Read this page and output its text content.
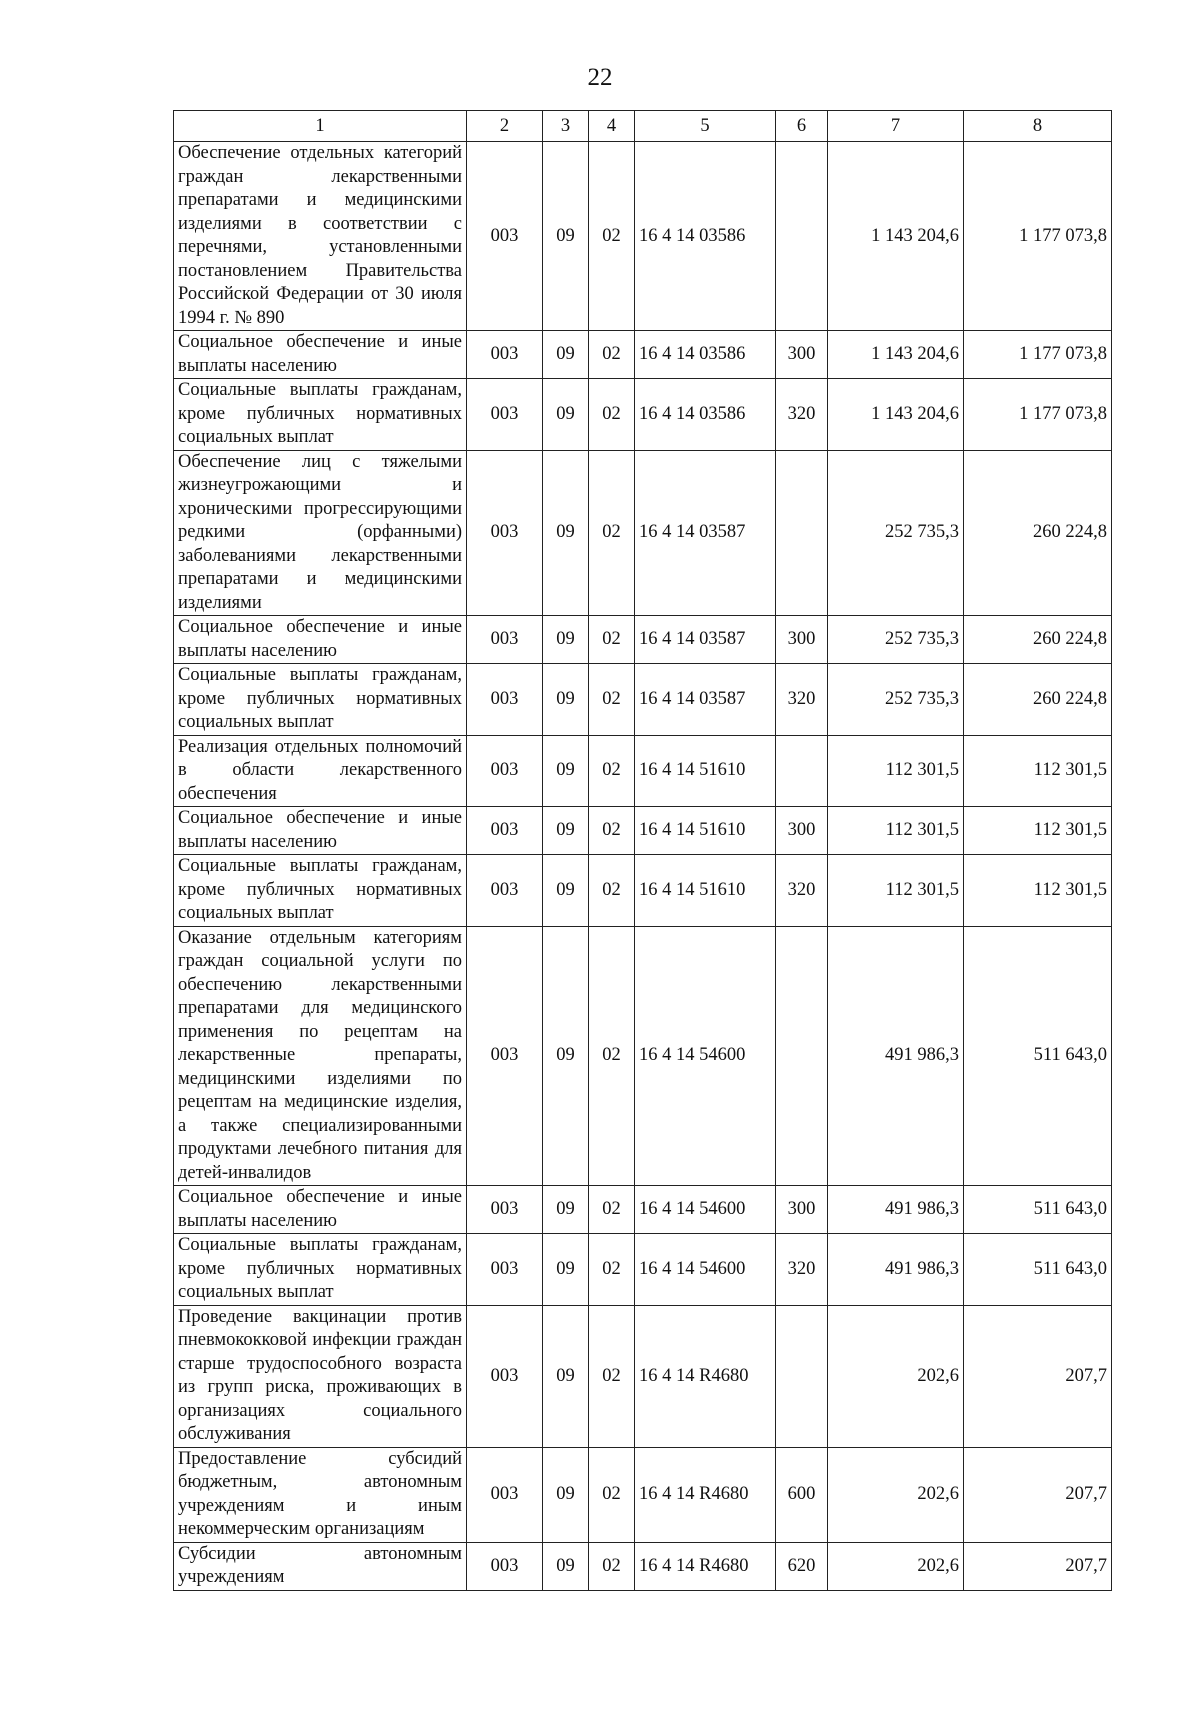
22
1	2	3	4	5	6	7	8
Обеспечение отдельных категорий граждан лекарственными препаратами и медицинскими изделиями в соответствии с перечнями, установленными постановлением Правительства Российской Федерации от 30 июля 1994 г. № 890	003	09	02	16 4 14 03586		1 143 204,6	1 177 073,8
Социальное обеспечение и иные выплаты населению	003	09	02	16 4 14 03586	300	1 143 204,6	1 177 073,8
Социальные выплаты гражданам, кроме публичных нормативных социальных выплат	003	09	02	16 4 14 03586	320	1 143 204,6	1 177 073,8
Обеспечение лиц с тяжелыми жизнеугрожающими и хроническими прогрессирующими редкими (орфанными) заболеваниями лекарственными препаратами и медицинскими изделиями	003	09	02	16 4 14 03587		252 735,3	260 224,8
Социальное обеспечение и иные выплаты населению	003	09	02	16 4 14 03587	300	252 735,3	260 224,8
Социальные выплаты гражданам, кроме публичных нормативных социальных выплат	003	09	02	16 4 14 03587	320	252 735,3	260 224,8
Реализация отдельных полномочий в области лекарственного обеспечения	003	09	02	16 4 14 51610		112 301,5	112 301,5
Социальное обеспечение и иные выплаты населению	003	09	02	16 4 14 51610	300	112 301,5	112 301,5
Социальные выплаты гражданам, кроме публичных нормативных социальных выплат	003	09	02	16 4 14 51610	320	112 301,5	112 301,5
Оказание отдельным категориям граждан социальной услуги по обеспечению лекарственными препаратами для медицинского применения по рецептам на лекарственные препараты, медицинскими изделиями по рецептам на медицинские изделия, а также специализированными продуктами лечебного питания для детей-инвалидов	003	09	02	16 4 14 54600		491 986,3	511 643,0
Социальное обеспечение и иные выплаты населению	003	09	02	16 4 14 54600	300	491 986,3	511 643,0
Социальные выплаты гражданам, кроме публичных нормативных социальных выплат	003	09	02	16 4 14 54600	320	491 986,3	511 643,0
Проведение вакцинации против пневмококковой инфекции граждан старше трудоспособного возраста из групп риска, проживающих в организациях социального обслуживания	003	09	02	16 4 14 R4680		202,6	207,7
Предоставление субсидий бюджетным, автономным учреждениям и иным некоммерческим организациям	003	09	02	16 4 14 R4680	600	202,6	207,7
Субсидии автономным учреждениям	003	09	02	16 4 14 R4680	620	202,6	207,7
